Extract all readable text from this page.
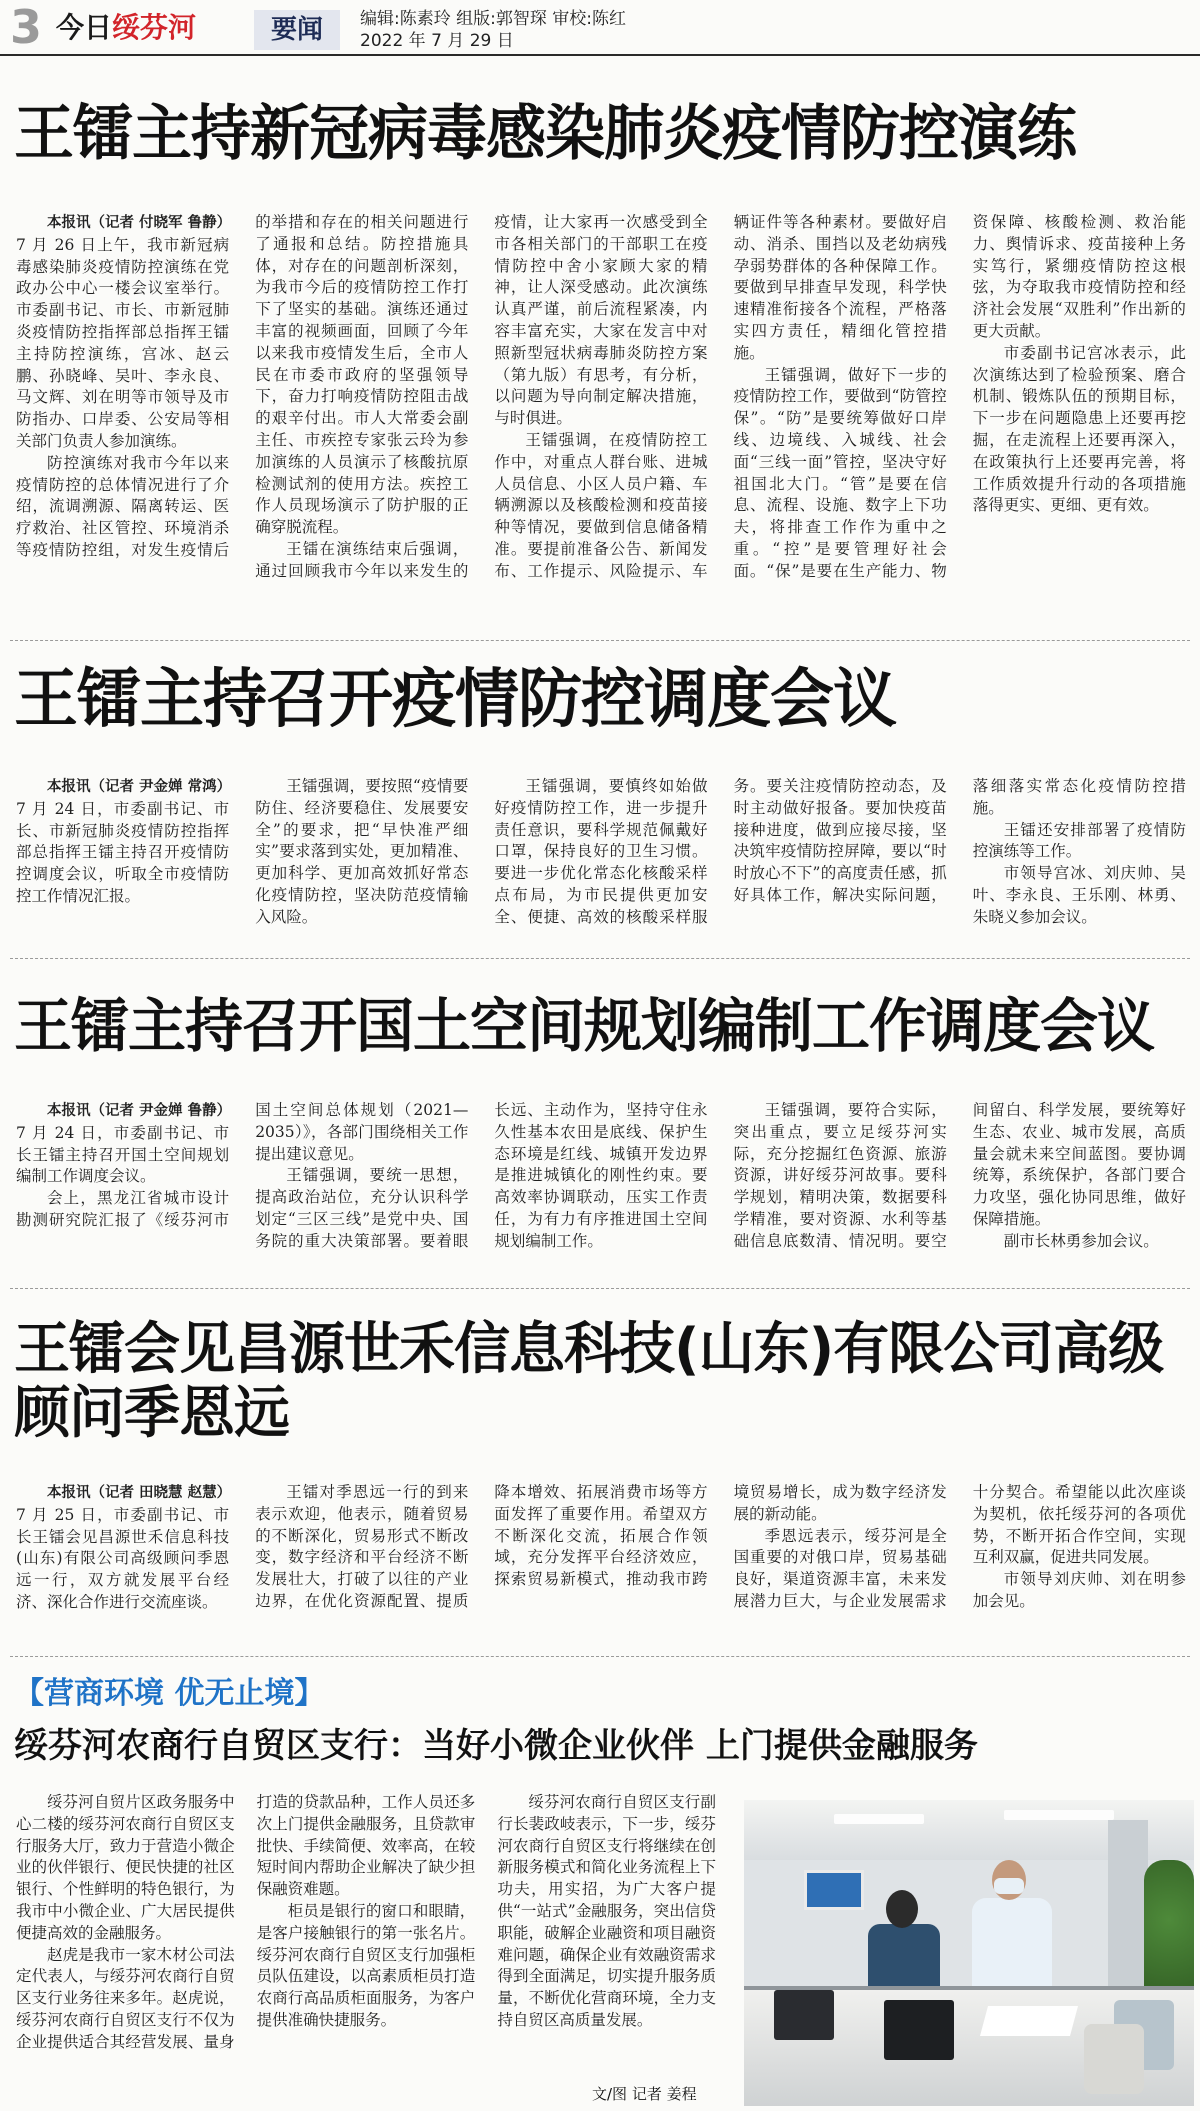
3 今日绥芬河	要闻	编辑:陈素玲 组版:郭智琛 审校:陈红
2022 年 7 月 29 日
王镭主持新冠病毒感染肺炎疫情防控演练

本报讯（记者 付晓军 鲁静）7 月 26 日上午，我市新冠病毒感染肺炎疫情防控演练在党政办公中心一楼会议室举行。市委副书记、市长、市新冠肺炎疫情防控指挥部总指挥王镭主持防控演练，宫冰、赵云鹏、孙晓峰、吴叶、李永良、马文辉、刘在明等市领导及市防指办、口岸委、公安局等相关部门负责人参加演练。

防控演练对我市今年以来疫情防控的总体情况进行了介绍，流调溯源、隔离转运、医疗救治、社区管控、环境消杀等疫情防控组，对发生疫情后的举措和存在的相关问题进行了通报和总结。防控措施具体，对存在的问题剖析深刻，为我市今后的疫情防控工作打下了坚实的基础。演练还通过丰富的视频画面，回顾了今年以来我市疫情发生后，全市人民在市委市政府的坚强领导下，奋力打响疫情防控阻击战的艰辛付出。市人大常委会副主任、市疾控专家张云玲为参加演练的人员演示了核酸抗原检测试剂的使用方法。疾控工作人员现场演示了防护服的正确穿脱流程。

王镭在演练结束后强调，通过回顾我市今年以来发生的疫情，让大家再一次感受到全市各相关部门的干部职工在疫情防控中舍小家顾大家的精神，让人深受感动。此次演练认真严谨，前后流程紧凑，内容丰富充实，大家在发言中对照新型冠状病毒肺炎防控方案（第九版）有思考，有分析，以问题为导向制定解决措施，与时俱进。

王镭强调，在疫情防控工作中，对重点人群台账、进城人员信息、小区人员户籍、车辆溯源以及核酸检测和疫苗接种等情况，要做到信息储备精准。要提前准备公告、新闻发布、工作提示、风险提示、车辆证件等各种素材。要做好启动、消杀、围挡以及老幼病残孕弱势群体的各种保障工作。要做到早排查早发现，科学快速精准衔接各个流程，严格落实四方责任，精细化管控措施。

王镭强调，做好下一步的疫情防控工作，要做到“防管控保”。“防”是要统筹做好口岸线、边境线、入城线、社会面“三线一面”管控，坚决守好祖国北大门。“管”是要在信息、流程、设施、数字上下功夫，将排查工作作为重中之重。“控”是要管理好社会面。“保”是要在生产能力、物资保障、核酸检测、救治能力、舆情诉求、疫苗接种上务实笃行，紧绷疫情防控这根弦，为夺取我市疫情防控和经济社会发展“双胜利”作出新的更大贡献。

市委副书记宫冰表示，此次演练达到了检验预案、磨合机制、锻炼队伍的预期目标，下一步在问题隐患上还要再挖掘，在走流程上还要再深入，在政策执行上还要再完善，将工作质效提升行动的各项措施落得更实、更细、更有效。

王镭主持召开疫情防控调度会议

本报讯（记者 尹金婵 常鸿）7 月 24 日，市委副书记、市长、市新冠肺炎疫情防控指挥部总指挥王镭主持召开疫情防控调度会议，听取全市疫情防控工作情况汇报。

王镭强调，要按照“疫情要防住、经济要稳住、发展要安全”的要求，把“早快准严细实”要求落到实处，更加精准、更加科学、更加高效抓好常态化疫情防控，坚决防范疫情输入风险。

王镭强调，要慎终如始做好疫情防控工作，进一步提升责任意识，要科学规范佩戴好口罩，保持良好的卫生习惯。要进一步优化常态化核酸采样点布局，为市民提供更加安全、便捷、高效的核酸采样服务。要关注疫情防控动态，及时主动做好报备。要加快疫苗接种进度，做到应接尽接，坚决筑牢疫情防控屏障，要以“时时放心不下”的高度责任感，抓好具体工作，解决实际问题，落细落实常态化疫情防控措施。

王镭还安排部署了疫情防控演练等工作。

市领导宫冰、刘庆帅、吴叶、李永良、王乐刚、林勇、朱晓义参加会议。

王镭主持召开国土空间规划编制工作调度会议

本报讯（记者 尹金婵 鲁静）7 月 24 日，市委副书记、市长王镭主持召开国土空间规划编制工作调度会议。

会上，黑龙江省城市设计勘测研究院汇报了《绥芬河市国土空间总体规划（2021—2035）》，各部门围绕相关工作提出建议意见。

王镭强调，要统一思想，提高政治站位，充分认识科学划定“三区三线”是党中央、国务院的重大决策部署。要着眼长远、主动作为，坚持守住永久性基本农田是底线、保护生态环境是红线、城镇开发边界是推进城镇化的刚性约束。要高效率协调联动，压实工作责任，为有力有序推进国土空间规划编制工作。

王镭强调，要符合实际，突出重点，要立足绥芬河实际，充分挖掘红色资源、旅游资源，讲好绥芬河故事。要科学规划，精明决策，数据要科学精准，要对资源、水利等基础信息底数清、情况明。要空间留白、科学发展，要统筹好生态、农业、城市发展，高质量会就未来空间蓝图。要协调统筹，系统保护，各部门要合力攻坚，强化协同思维，做好保障措施。

副市长林勇参加会议。

王镭会见昌源世禾信息科技(山东)有限公司高级顾问季恩远

本报讯（记者 田晓慧 赵慧）7 月 25 日，市委副书记、市长王镭会见昌源世禾信息科技(山东)有限公司高级顾问季恩远一行，双方就发展平台经济、深化合作进行交流座谈。

王镭对季恩远一行的到来表示欢迎，他表示，随着贸易的不断深化，贸易形式不断改变，数字经济和平台经济不断发展壮大，打破了以往的产业边界，在优化资源配置、提质降本增效、拓展消费市场等方面发挥了重要作用。希望双方不断深化交流，拓展合作领域，充分发挥平台经济效应，探索贸易新模式，推动我市跨境贸易增长，成为数字经济发展的新动能。

季恩远表示，绥芬河是全国重要的对俄口岸，贸易基础良好，渠道资源丰富，未来发展潜力巨大，与企业发展需求十分契合。希望能以此次座谈为契机，依托绥芬河的各项优势，不断开拓合作空间，实现互利双赢，促进共同发展。

市领导刘庆帅、刘在明参加会见。

【营商环境 优无止境】
绥芬河农商行自贸区支行：当好小微企业伙伴 上门提供金融服务

绥芬河自贸片区政务服务中心二楼的绥芬河农商行自贸区支行服务大厅，致力于营造小微企业的伙伴银行、便民快捷的社区银行、个性鲜明的特色银行，为我市中小微企业、广大居民提供便捷高效的金融服务。

赵虎是我市一家木材公司法定代表人，与绥芬河农商行自贸区支行业务往来多年。赵虎说，绥芬河农商行自贸区支行不仅为企业提供适合其经营发展、量身打造的贷款品种，工作人员还多次上门提供金融服务，且贷款审批快、手续简便、效率高，在较短时间内帮助企业解决了缺少担保融资难题。

柜员是银行的窗口和眼睛，是客户接触银行的第一张名片。绥芬河农商行自贸区支行加强柜员队伍建设，以高素质柜员打造农商行高品质柜面服务，为客户提供准确快捷服务。

绥芬河农商行自贸区支行副行长裴政岐表示，下一步，绥芬河农商行自贸区支行将继续在创新服务模式和简化业务流程上下功夫，用实招，为广大客户提供“一站式”金融服务，突出信贷职能，破解企业融资和项目融资难问题，确保企业有效融资需求得到全面满足，切实提升服务质量，不断优化营商环境，全力支持自贸区高质量发展。

文/图 记者 姜程
